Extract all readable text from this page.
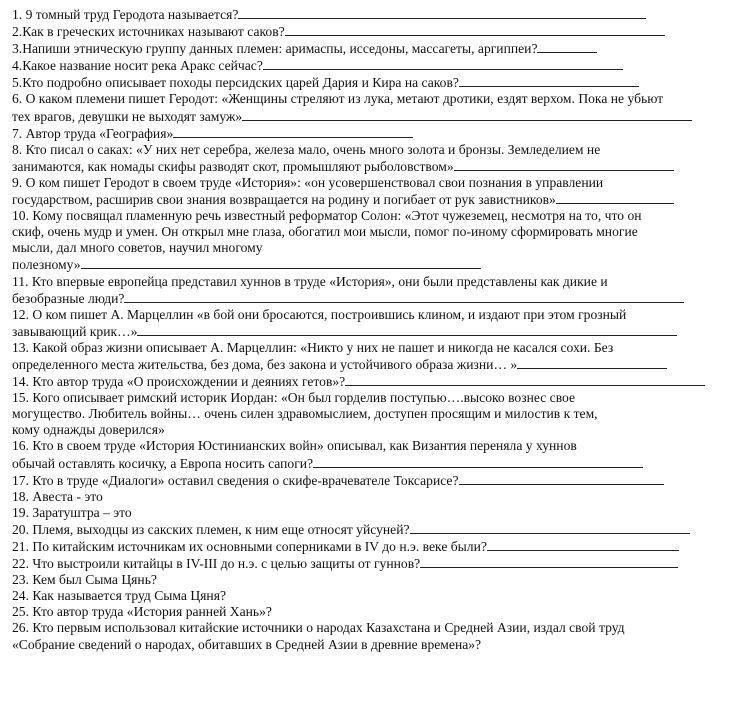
1. 9 томный труд Геродота называется?
2.Как в греческих источниках называют саков?
3.Напиши этническую группу данных племен: аримаспы, исседоны, массагеты, аргиппеи?
4.Какое название носит река Аракс сейчас?
5.Кто подробно описывает походы персидских царей Дария и Кира на саков?
6. О каком племени пишет Геродот: «Женщины стреляют из лука, метают дротики, ездят верхом. Пока не убьют
тех врагов, девушки не выходят замуж»
7. Автор труда «География»
8. Кто писал о саках: «У них нет серебра, железа мало, очень много золота и бронзы. Земледелием не
занимаются, как номады скифы разводят скот, промышляют рыболовством»
9. О ком пишет Геродот в своем труде «История»: «он усовершенствовал свои познания в управлении
государством, расширив свои знания возвращается на родину и погибает от рук завистников»
10. Кому посвящал пламенную речь известный реформатор Солон: «Этот чужеземец, несмотря на то, что он
скиф, очень мудр и умен. Он открыл мне глаза, обогатил мои мысли, помог по-иному сформировать многие
мысли, дал много советов, научил многому
полезному»
11. Кто впервые европейца представил хуннов в труде «История», они были представлены как дикие и
безобразные люди?
12. О ком пишет А. Марцеллин «в бой они бросаются, построившись клином, и издают при этом грозный
завывающий крик…»
13. Какой образ жизни описывает А. Марцеллин: «Никто у них не пашет и никогда не касался сохи. Без
определенного места жительства, без дома, без закона и устойчивого образа жизни… »
14. Кто автор труда «О происхождении и деяниях гетов»?
15. Кого описывает римский историк Иордан: «Он был горделив поступью….высоко вознес свое
могущество. Любитель войны… очень силен здравомыслием, доступен просящим и милостив к тем,
кому однажды доверился»
16. Кто в своем труде «История Юстинианских войн» описывал, как Византия переняла у хуннов
обычай оставлять косичку, а Европа носить сапоги?
17. Кто в труде «Диалоги» оставил сведения о скифе-врачевателе Токсарисе?
18. Авеста - это
19. Заратуштра – это
20. Племя, выходцы из сакских племен, к ним еще относят уйсуней?
21. По китайским источникам их основными соперниками в IV до н.э. веке были?
22. Что выстроили китайцы в IV-III до н.э. с целью защиты от гуннов?
23. Кем был Сыма Цянь?
24. Как называется труд Сыма Цяня?
25. Кто автор труда «История ранней Хань»?
26. Кто первым использовал китайские источники о народах Казахстана и Средней Азии, издал свой труд
«Собрание сведений о народах, обитавших в Средней Азии в древние времена»?
